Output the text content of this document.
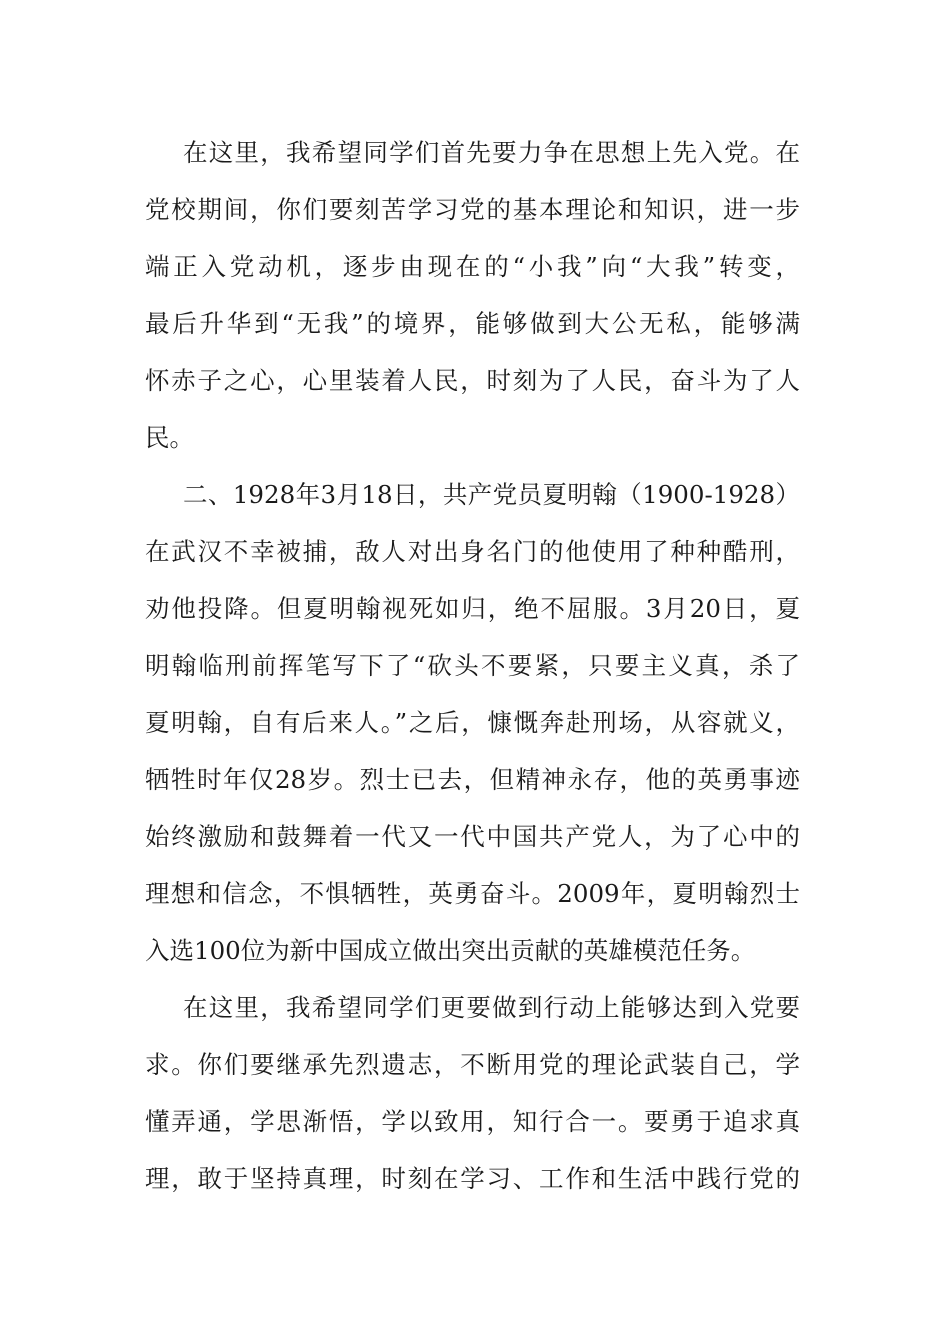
在这里，我希望同学们首先要力争在思想上先入党。在
党校期间，你们要刻苦学习党的基本理论和知识，进一步
端正入党动机，逐步由现在的“小我”向“大我”转变，
最后升华到“无我”的境界，能够做到大公无私，能够满
怀赤子之心，心里装着人民，时刻为了人民，奋斗为了人
民。
二、1928年3月18日，共产党员夏明翰（1900-1928）
在武汉不幸被捕，敌人对出身名门的他使用了种种酷刑，
劝他投降。但夏明翰视死如归，绝不屈服。3月20日，夏
明翰临刑前挥笔写下了“砍头不要紧，只要主义真，杀了
夏明翰，自有后来人。”之后，慷慨奔赴刑场，从容就义，
牺牲时年仅28岁。烈士已去，但精神永存，他的英勇事迹
始终激励和鼓舞着一代又一代中国共产党人，为了心中的
理想和信念，不惧牺牲，英勇奋斗。2009年，夏明翰烈士
入选100位为新中国成立做出突出贡献的英雄模范任务。
在这里，我希望同学们更要做到行动上能够达到入党要
求。你们要继承先烈遗志，不断用党的理论武装自己，学
懂弄通，学思渐悟，学以致用，知行合一。要勇于追求真
理，敢于坚持真理，时刻在学习、工作和生活中践行党的
